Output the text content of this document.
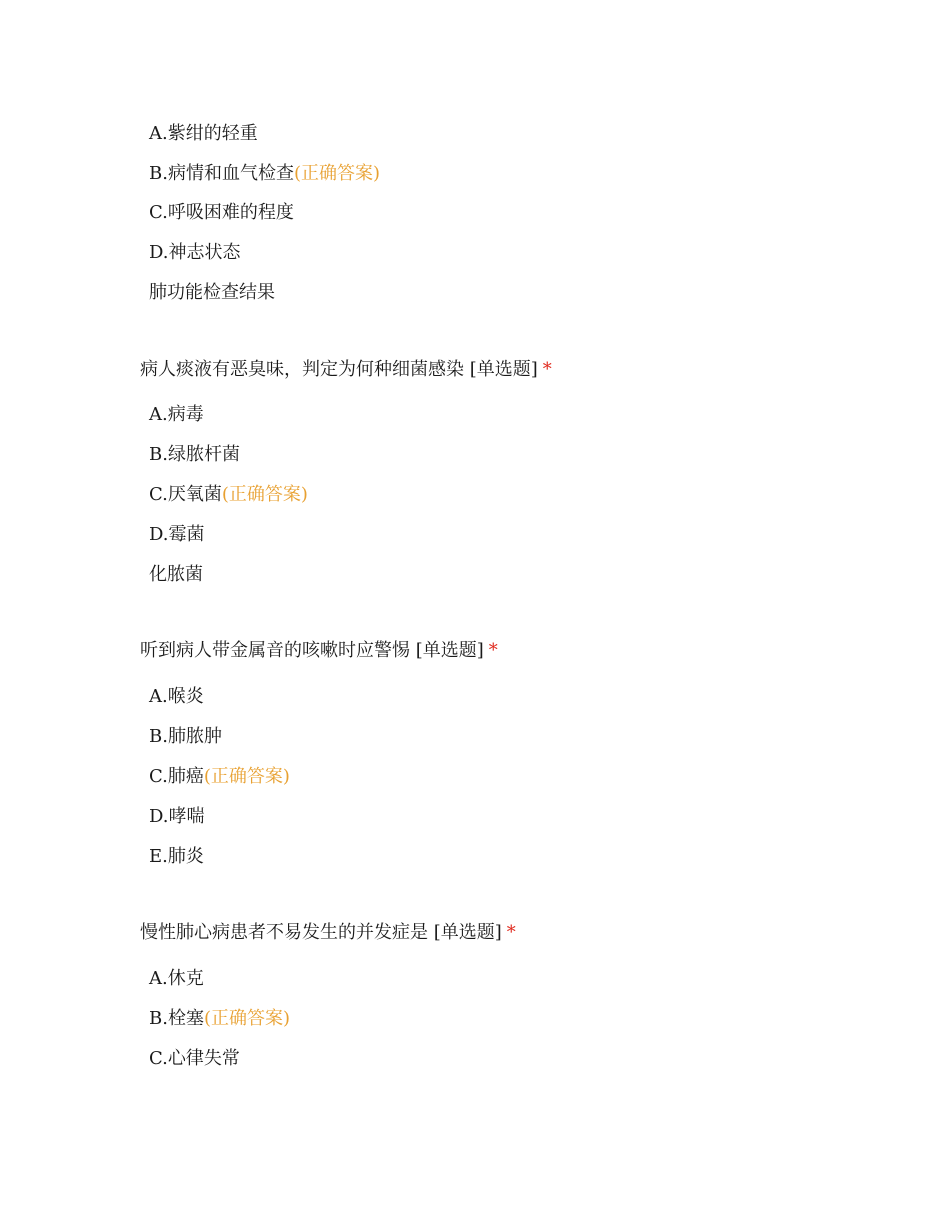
A.紫绀的轻重
B.病情和血气检查(正确答案)
C.呼吸困难的程度
D.神志状态
肺功能检查结果
病人痰液有恶臭味，判定为何种细菌感染 [单选题] *
A.病毒
B.绿脓杆菌
C.厌氧菌(正确答案)
D.霉菌
化脓菌
听到病人带金属音的咳嗽时应警惕 [单选题] *
A.喉炎
B.肺脓肿
C.肺癌(正确答案)
D.哮喘
E.肺炎
慢性肺心病患者不易发生的并发症是 [单选题] *
A.休克
B.栓塞(正确答案)
C.心律失常
